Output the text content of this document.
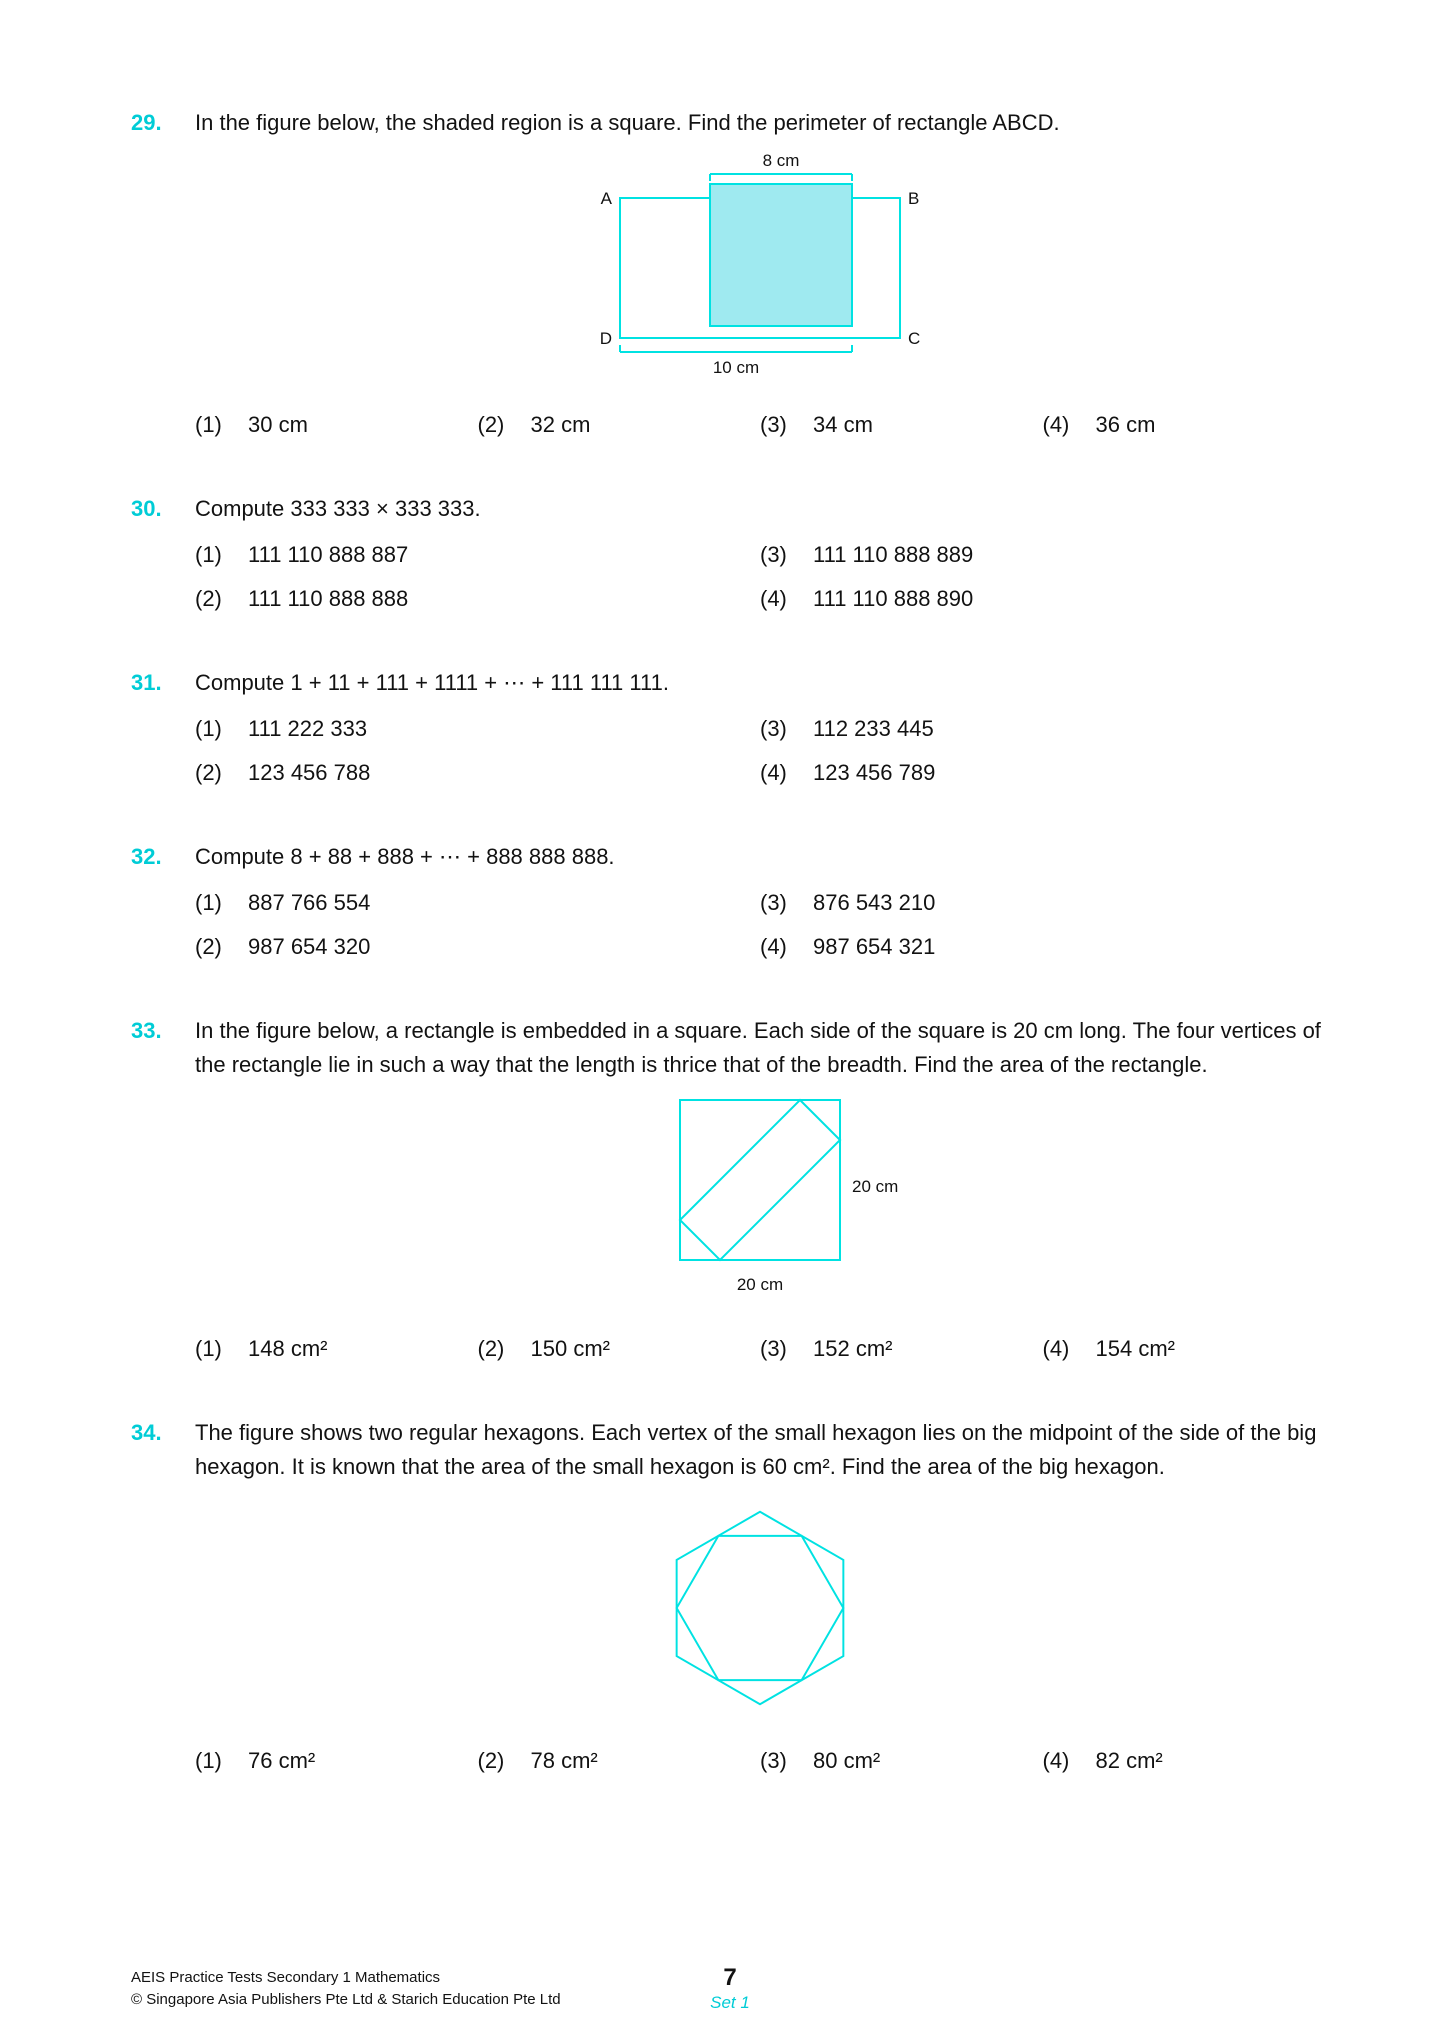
29.	In the figure below, the shaded region is a square. Find the perimeter of rectangle ABCD.
8 cm
10 cm
A	B
C
D
(1)	30 cm	(2)	32 cm	(3)	34 cm	(4)	36 cm
30.	Compute 333 333 × 333 333.
(1)	111 110 888 887	(3)	111 110 888 889
(2)	111 110 888 888	(4)	111 110 888 890
31.	Compute 1 + 11 + 111 + 1111 + ⋯ + 111 111 111.
(1)	111 222 333	(3)	112 233 445
(2)	123 456 788	(4)	123 456 789
32.	Compute 8 + 88 + 888 + ⋯ + 888 888 888.
(1)	887 766 554	(3)	876 543 210
(2)	987 654 320	(4)	987 654 321
33.	In the figure below, a rectangle is embedded in a square. Each side of the square is 20 cm long. The four vertices of the rectangle lie in such a way that the length is thrice that of the breadth. Find the area of the rectangle.
20 cm
20 cm
(1)	148 cm²	(2)	150 cm²	(3)	152 cm²	(4)	154 cm²
34.	The figure shows two regular hexagons. Each vertex of the small hexagon lies on the midpoint of the side of the big hexagon. It is known that the area of the small hexagon is 60 cm². Find the area of the big hexagon.
(1)	76 cm²	(2)	78 cm²	(3)	80 cm²	(4)	82 cm²
AEIS Practice Tests Secondary 1 Mathematics
© Singapore Asia Publishers Pte Ltd & Starich Education Pte Ltd
7
Set 1
